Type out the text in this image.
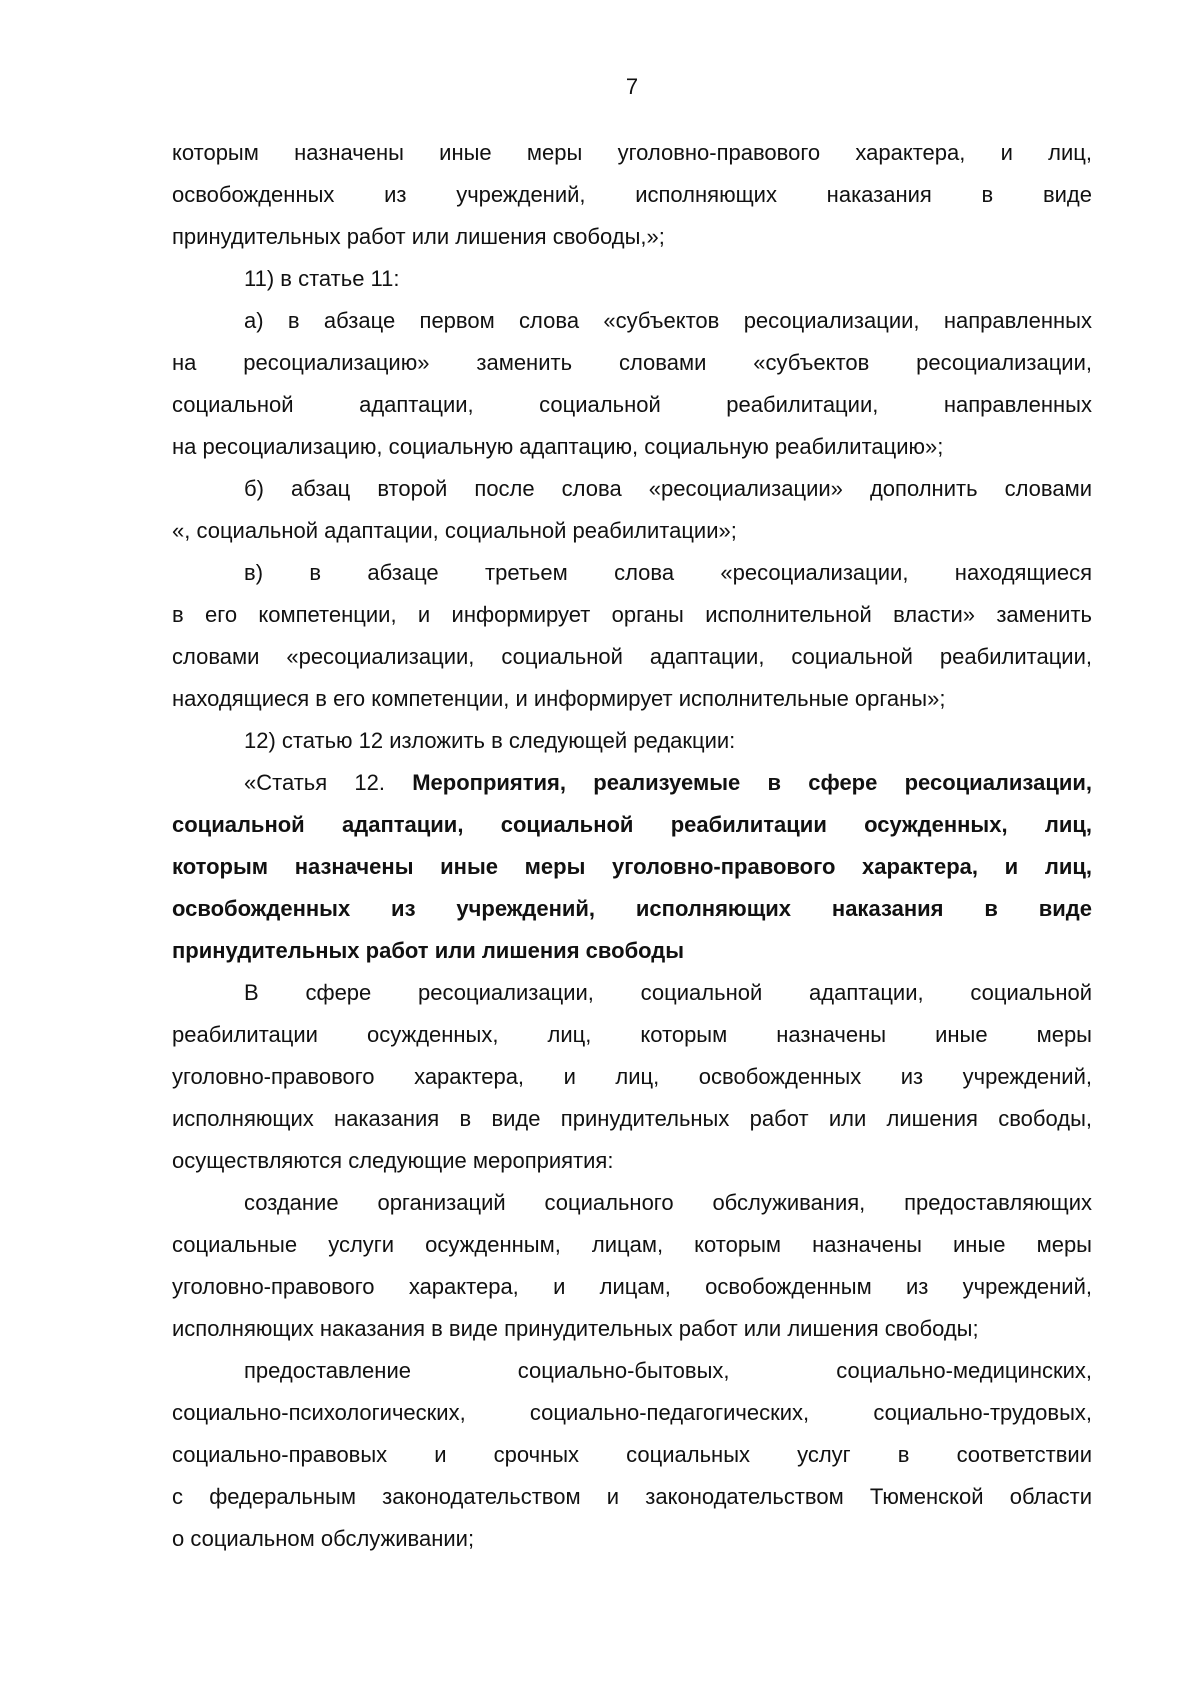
7

которым назначены иные меры уголовно-правового характера, и лиц,
освобожденных из учреждений, исполняющих наказания в виде
принудительных работ или лишения свободы,»;

11) в статье 11:

а) в абзаце первом слова «субъектов ресоциализации, направленных
на ресоциализацию» заменить словами «субъектов ресоциализации,
социальной адаптации, социальной реабилитации, направленных
на ресоциализацию, социальную адаптацию, социальную реабилитацию»;

б) абзац второй после слова «ресоциализации» дополнить словами
«, социальной адаптации, социальной реабилитации»;

в) в абзаце третьем слова «ресоциализации, находящиеся
в его компетенции, и информирует органы исполнительной власти» заменить
словами «ресоциализации, социальной адаптации, социальной реабилитации,
находящиеся в его компетенции, и информирует исполнительные органы»;

12) статью 12 изложить в следующей редакции:

«Статья 12. Мероприятия, реализуемые в сфере ресоциализации,
социальной адаптации, социальной реабилитации осужденных, лиц,
которым назначены иные меры уголовно-правового характера, и лиц,
освобожденных из учреждений, исполняющих наказания в виде
принудительных работ или лишения свободы

В сфере ресоциализации, социальной адаптации, социальной
реабилитации осужденных, лиц, которым назначены иные меры
уголовно-правового характера, и лиц, освобожденных из учреждений,
исполняющих наказания в виде принудительных работ или лишения свободы,
осуществляются следующие мероприятия:

создание организаций социального обслуживания, предоставляющих
социальные услуги осужденным, лицам, которым назначены иные меры
уголовно-правового характера, и лицам, освобожденным из учреждений,
исполняющих наказания в виде принудительных работ или лишения свободы;

предоставление социально-бытовых, социально-медицинских,
социально-психологических, социально-педагогических, социально-трудовых,
социально-правовых и срочных социальных услуг в соответствии
с федеральным законодательством и законодательством Тюменской области
о социальном обслуживании;
